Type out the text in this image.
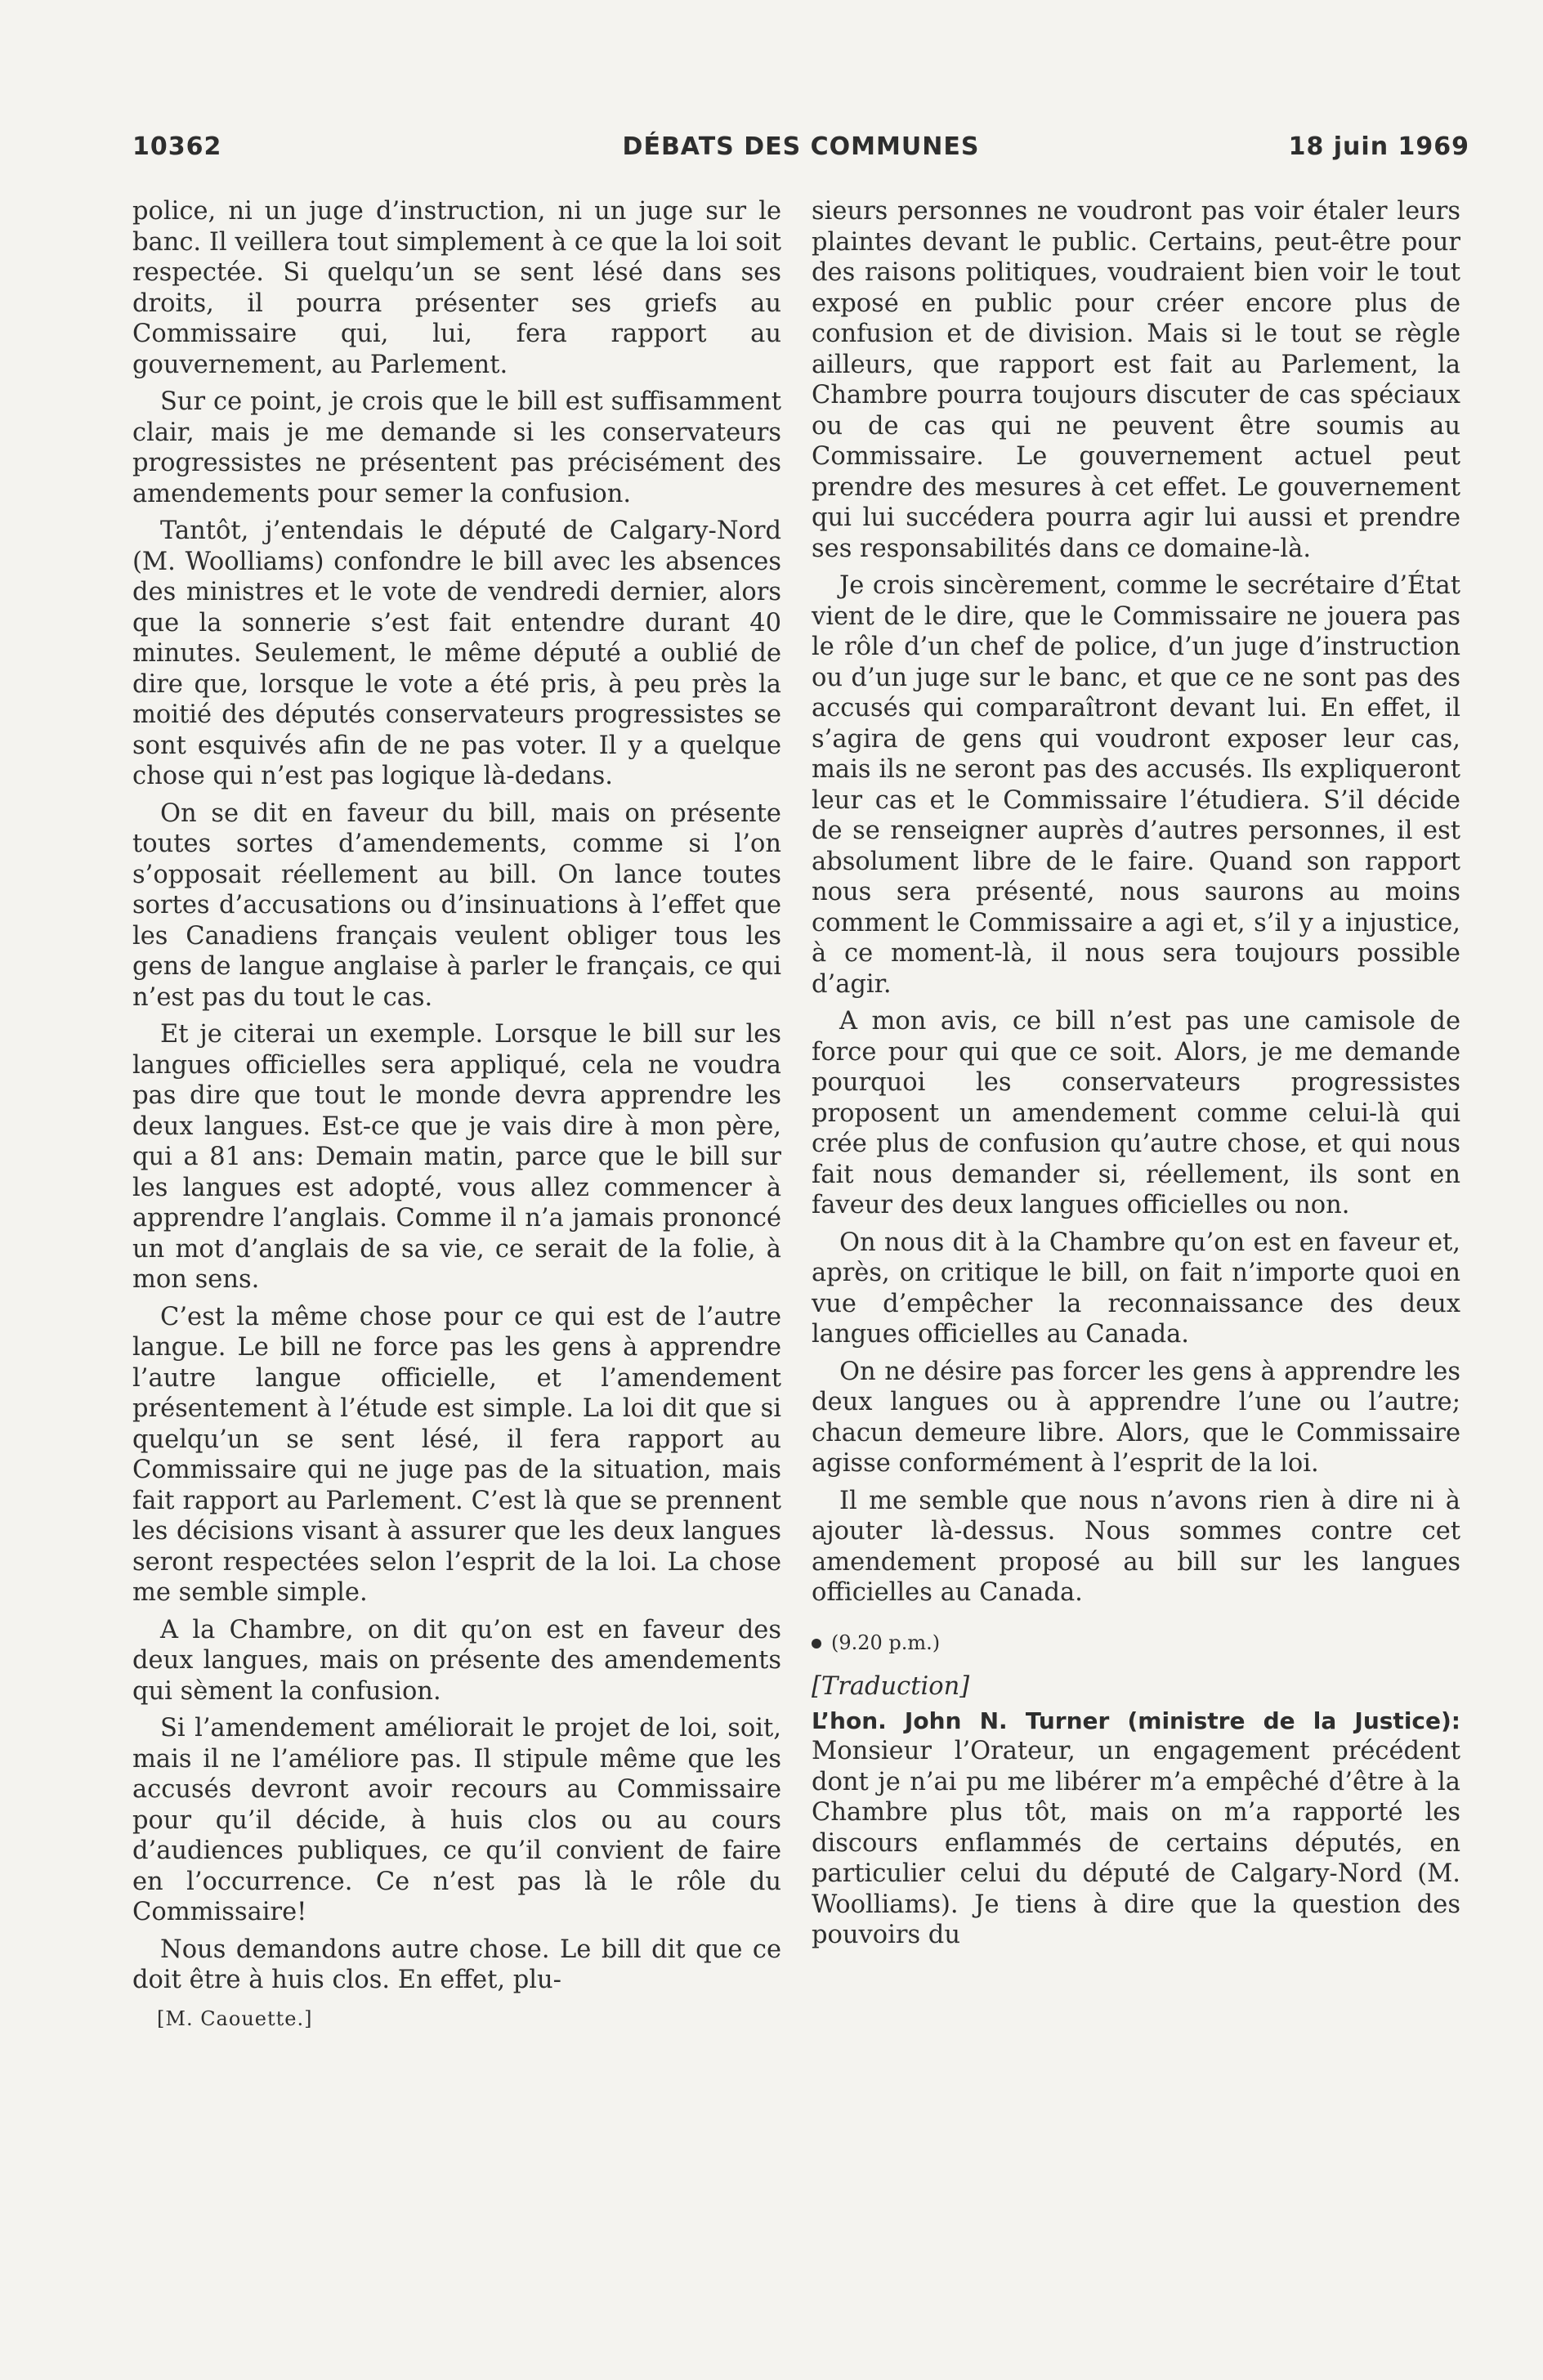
10362	DÉBATS DES COMMUNES	18 juin 1969

police, ni un juge d’instruction, ni un juge sur le banc. Il veillera tout simplement à ce que la loi soit respectée. Si quelqu’un se sent lésé dans ses droits, il pourra présenter ses griefs au Commissaire qui, lui, fera rapport au gouvernement, au Parlement.

Sur ce point, je crois que le bill est suffisamment clair, mais je me demande si les conservateurs progressistes ne présentent pas précisément des amendements pour semer la confusion.

Tantôt, j’entendais le député de Calgary-Nord (M. Woolliams) confondre le bill avec les absences des ministres et le vote de vendredi dernier, alors que la sonnerie s’est fait entendre durant 40 minutes. Seulement, le même député a oublié de dire que, lorsque le vote a été pris, à peu près la moitié des députés conservateurs progressistes se sont esquivés afin de ne pas voter. Il y a quelque chose qui n’est pas logique là-dedans.

On se dit en faveur du bill, mais on présente toutes sortes d’amendements, comme si l’on s’opposait réellement au bill. On lance toutes sortes d’accusations ou d’insinuations à l’effet que les Canadiens français veulent obliger tous les gens de langue anglaise à parler le français, ce qui n’est pas du tout le cas.

Et je citerai un exemple. Lorsque le bill sur les langues officielles sera appliqué, cela ne voudra pas dire que tout le monde devra apprendre les deux langues. Est-ce que je vais dire à mon père, qui a 81 ans: Demain matin, parce que le bill sur les langues est adopté, vous allez commencer à apprendre l’anglais. Comme il n’a jamais prononcé un mot d’anglais de sa vie, ce serait de la folie, à mon sens.

C’est la même chose pour ce qui est de l’autre langue. Le bill ne force pas les gens à apprendre l’autre langue officielle, et l’amendement présentement à l’étude est simple. La loi dit que si quelqu’un se sent lésé, il fera rapport au Commissaire qui ne juge pas de la situation, mais fait rapport au Parlement. C’est là que se prennent les décisions visant à assurer que les deux langues seront respectées selon l’esprit de la loi. La chose me semble simple.

A la Chambre, on dit qu’on est en faveur des deux langues, mais on présente des amendements qui sèment la confusion.

Si l’amendement améliorait le projet de loi, soit, mais il ne l’améliore pas. Il stipule même que les accusés devront avoir recours au Commissaire pour qu’il décide, à huis clos ou au cours d’audiences publiques, ce qu’il convient de faire en l’occurrence. Ce n’est pas là le rôle du Commissaire!

Nous demandons autre chose. Le bill dit que ce doit être à huis clos. En effet, plu-

[M. Caouette.]

sieurs personnes ne voudront pas voir étaler leurs plaintes devant le public. Certains, peut-être pour des raisons politiques, voudraient bien voir le tout exposé en public pour créer encore plus de confusion et de division. Mais si le tout se règle ailleurs, que rapport est fait au Parlement, la Chambre pourra toujours discuter de cas spéciaux ou de cas qui ne peuvent être soumis au Commissaire. Le gouvernement actuel peut prendre des mesures à cet effet. Le gouvernement qui lui succédera pourra agir lui aussi et prendre ses responsabilités dans ce domaine-là.

Je crois sincèrement, comme le secrétaire d’État vient de le dire, que le Commissaire ne jouera pas le rôle d’un chef de police, d’un juge d’instruction ou d’un juge sur le banc, et que ce ne sont pas des accusés qui comparaîtront devant lui. En effet, il s’agira de gens qui voudront exposer leur cas, mais ils ne seront pas des accusés. Ils expliqueront leur cas et le Commissaire l’étudiera. S’il décide de se renseigner auprès d’autres personnes, il est absolument libre de le faire. Quand son rapport nous sera présenté, nous saurons au moins comment le Commissaire a agi et, s’il y a injustice, à ce moment-là, il nous sera toujours possible d’agir.

A mon avis, ce bill n’est pas une camisole de force pour qui que ce soit. Alors, je me demande pourquoi les conservateurs progressistes proposent un amendement comme celui-là qui crée plus de confusion qu’autre chose, et qui nous fait nous demander si, réellement, ils sont en faveur des deux langues officielles ou non.

On nous dit à la Chambre qu’on est en faveur et, après, on critique le bill, on fait n’importe quoi en vue d’empêcher la reconnaissance des deux langues officielles au Canada.

On ne désire pas forcer les gens à apprendre les deux langues ou à apprendre l’une ou l’autre; chacun demeure libre. Alors, que le Commissaire agisse conformément à l’esprit de la loi.

Il me semble que nous n’avons rien à dire ni à ajouter là-dessus. Nous sommes contre cet amendement proposé au bill sur les langues officielles au Canada.

(9.20 p.m.)
[Traduction]

L’hon. John N. Turner (ministre de la Justice): Monsieur l’Orateur, un engagement précédent dont je n’ai pu me libérer m’a empêché d’être à la Chambre plus tôt, mais on m’a rapporté les discours enflammés de certains députés, en particulier celui du député de Calgary-Nord (M. Woolliams). Je tiens à dire que la question des pouvoirs du
